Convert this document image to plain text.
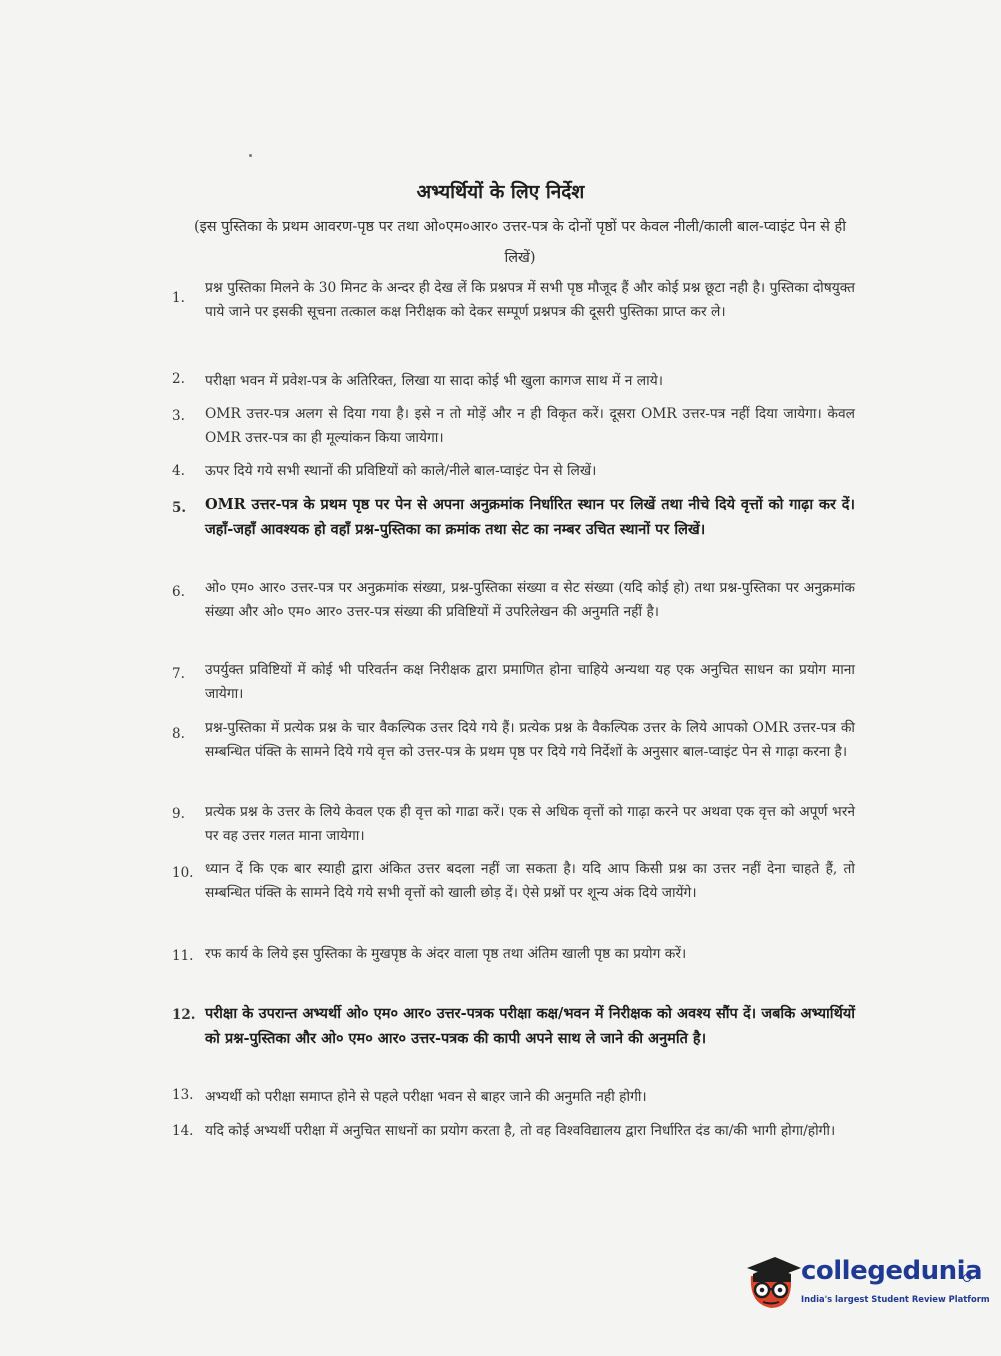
अभ्यर्थियों के लिए निर्देश
(इस पुस्तिका के प्रथम आवरण-पृष्ठ पर तथा ओ०एम०आर० उत्तर-पत्र के दोनों पृष्ठों पर केवल नीली/काली बाल-प्वाइंट पेन से ही लिखें)
1.
प्रश्न पुस्तिका मिलने के 30 मिनट के अन्दर ही देख लें कि प्रश्नपत्र में सभी पृष्ठ मौजूद हैं और कोई प्रश्न छूटा नही है। पुस्तिका दोषयुक्त पाये जाने पर इसकी सूचना तत्काल कक्ष निरीक्षक को देकर सम्पूर्ण प्रश्नपत्र की दूसरी पुस्तिका प्राप्त कर ले।
2.	परीक्षा भवन में प्रवेश-पत्र के अतिरिक्त, लिखा या सादा कोई भी खुला कागज साथ में न लाये।
3.	OMR उत्तर-पत्र अलग से दिया गया है। इसे न तो मोड़ें और न ही विकृत करें। दूसरा OMR उत्तर-पत्र नहीं दिया जायेगा। केवल OMR उत्तर-पत्र का ही मूल्यांकन किया जायेगा।
4.	ऊपर दिये गये सभी स्थानों की प्रविष्टियों को काले/नीले बाल-प्वाइंट पेन से लिखें।
5.	OMR उत्तर-पत्र के प्रथम पृष्ठ पर पेन से अपना अनुक्रमांक निर्धारित स्थान पर लिखें तथा नीचे दिये वृत्तों को गाढ़ा कर दें। जहाँ-जहाँ आवश्यक हो वहाँ प्रश्न-पुस्तिका का क्रमांक तथा सेट का नम्बर उचित स्थानों पर लिखें।
6.	ओ० एम० आर० उत्तर-पत्र पर अनुक्रमांक संख्या, प्रश्न-पुस्तिका संख्या व सेट संख्या (यदि कोई हो) तथा प्रश्न-पुस्तिका पर अनुक्रमांक संख्या और ओ० एम० आर० उत्तर-पत्र संख्या की प्रविष्टियों में उपरिलेखन की अनुमति नहीं है।
7.	उपर्युक्त प्रविष्टियों में कोई भी परिवर्तन कक्ष निरीक्षक द्वारा प्रमाणित होना चाहिये अन्यथा यह एक अनुचित साधन का प्रयोग माना जायेगा।
8.	प्रश्न-पुस्तिका में प्रत्येक प्रश्न के चार वैकल्पिक उत्तर दिये गये हैं। प्रत्येक प्रश्न के वैकल्पिक उत्तर के लिये आपको OMR उत्तर-पत्र की सम्बन्धित पंक्ति के सामने दिये गये वृत्त को उत्तर-पत्र के प्रथम पृष्ठ पर दिये गये निर्देशों के अनुसार बाल-प्वाइंट पेन से गाढ़ा करना है।
9.	प्रत्येक प्रश्न के उत्तर के लिये केवल एक ही वृत्त को गाढा करें। एक से अधिक वृत्तों को गाढ़ा करने पर अथवा एक वृत्त को अपूर्ण भरने पर वह उत्तर गलत माना जायेगा।
10. ध्यान दें कि एक बार स्याही द्वारा अंकित उत्तर बदला नहीं जा सकता है। यदि आप किसी प्रश्न का उत्तर नहीं देना चाहते हैं, तो सम्बन्धित पंक्ति के सामने दिये गये सभी वृत्तों को खाली छोड़ दें। ऐसे प्रश्नों पर शून्य अंक दिये जायेंगे।
11. रफ कार्य के लिये इस पुस्तिका के मुखपृष्ठ के अंदर वाला पृष्ठ तथा अंतिम खाली पृष्ठ का प्रयोग करें।
12. परीक्षा के उपरान्त अभ्यर्थी ओ० एम० आर० उत्तर-पत्रक परीक्षा कक्ष/भवन में निरीक्षक को अवश्य सौंप दें। जबकि अभ्यार्थियों को प्रश्न-पुस्तिका और ओ० एम० आर० उत्तर-पत्रक की कापी अपने साथ ले जाने की अनुमति है।
13. अभ्यर्थी को परीक्षा समाप्त होने से पहले परीक्षा भवन से बाहर जाने की अनुमति नही होगी।
14. यदि कोई अभ्यर्थी परीक्षा में अनुचित साधनों का प्रयोग करता है, तो वह विश्वविद्यालय द्वारा निर्धारित दंड का/की भागी होगा/होगी।
collegedunia
India's largest Student Review Platform
